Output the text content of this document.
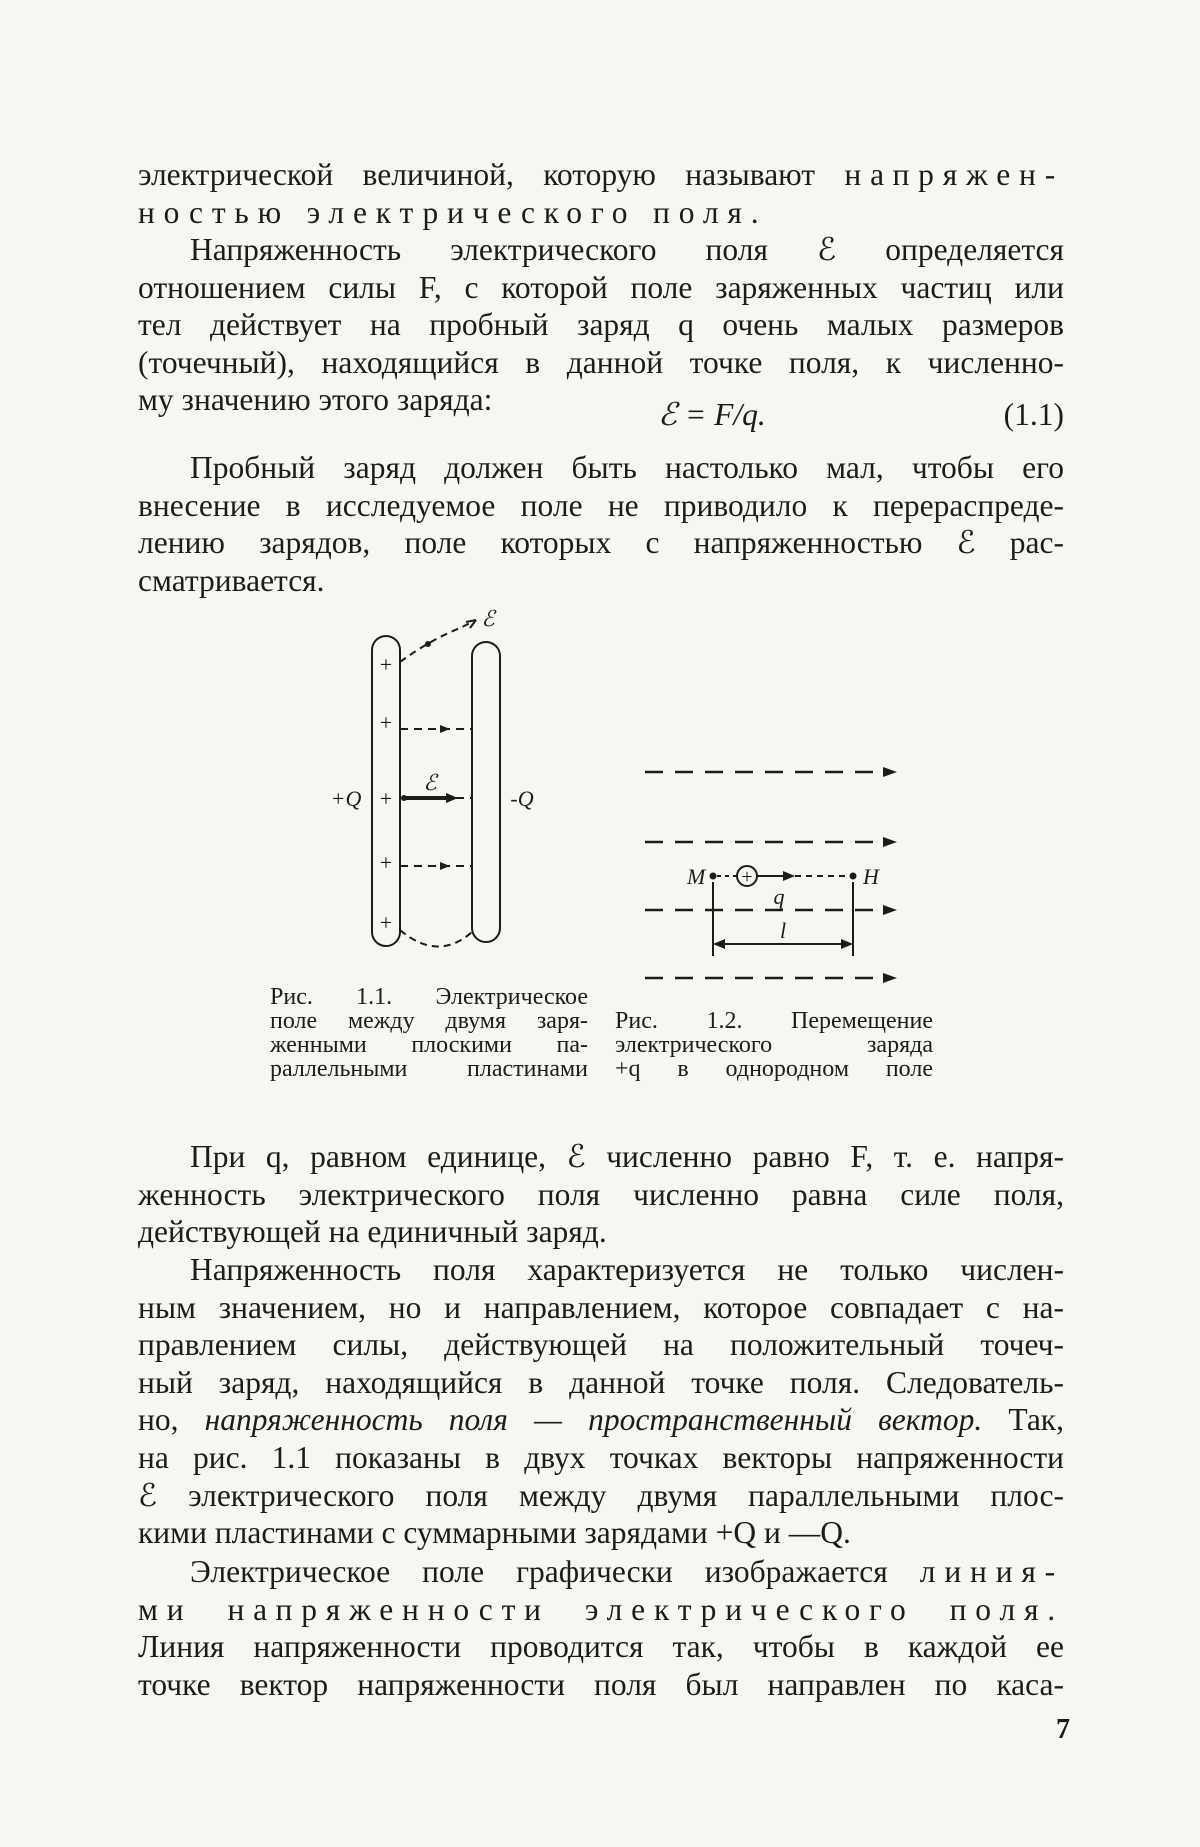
электрической величиной, которую называют напряжен-
ностью электрического поля.
Напряженность электрического поля ℰ определяется
отношением силы F, с которой поле заряженных частиц или
тел действует на пробный заряд q очень малых размеров
(точечный), находящийся в данной точке поля, к численно-
му значению этого заряда:	ℰ = F/q.	(1.1)
Пробный заряд должен быть настолько мал, чтобы его
внесение в исследуемое поле не приводило к перераспреде-
лению зарядов, поле которых с напряженностью ℰ рас-
сматривается.
+
+
+
+
+
+Q	-Q
ℰ
ℰ
+
М	Н
q
l
Рис. 1.1. Электрическое
поле между двумя заря-
женными плоскими па-
раллельными пластинами
Рис. 1.2. Перемещение
электрического заряда
+q в однородном поле
При q, равном единице, ℰ численно равно F, т. е. напря-
женность электрического поля численно равна силе поля,
действующей на единичный заряд.
Напряженность поля характеризуется не только числен-
ным значением, но и направлением, которое совпадает с на-
правлением силы, действующей на положительный точеч-
ный заряд, находящийся в данной точке поля. Следователь-
но, напряженность поля — пространственный вектор. Так,
на рис. 1.1 показаны в двух точках векторы напряженности
ℰ электрического поля между двумя параллельными плос-
кими пластинами с суммарными зарядами +Q и —Q.
Электрическое поле графически изображается линия-
ми напряженности электрического поля.
Линия напряженности проводится так, чтобы в каждой ее
точке вектор напряженности поля был направлен по каса-
7
